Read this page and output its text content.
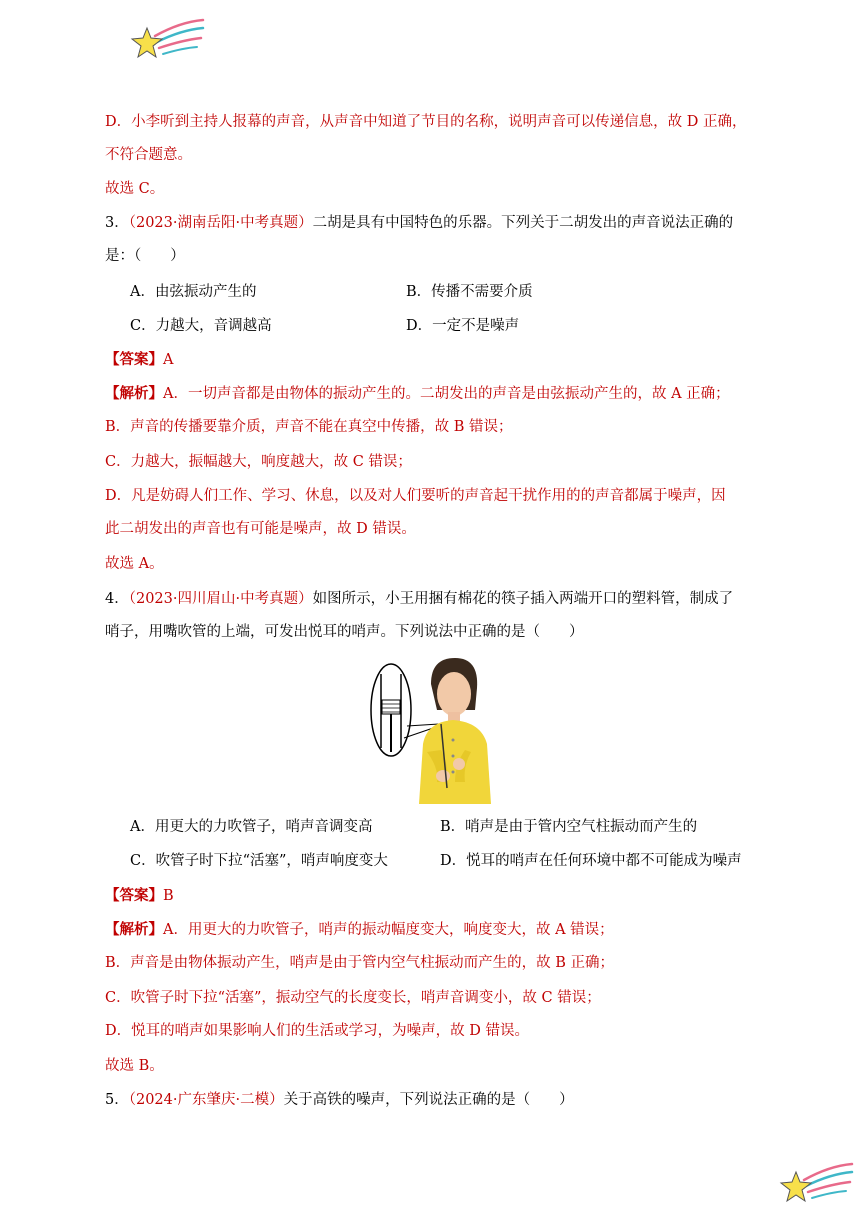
D．小李听到主持人报幕的声音，从声音中知道了节目的名称，说明声音可以传递信息，故 D 正确，
不符合题意。
故选 C。
3．（2023·湖南岳阳·中考真题）二胡是具有中国特色的乐器。下列关于二胡发出的声音说法正确的
是：（　　）
A．由弦振动产生的	B．传播不需要介质
C．力越大，音调越高	D．一定不是噪声
【答案】A
【解析】A．一切声音都是由物体的振动产生的。二胡发出的声音是由弦振动产生的，故 A 正确；
B．声音的传播要靠介质，声音不能在真空中传播，故 B 错误；
C．力越大，振幅越大，响度越大，故 C 错误；
D．凡是妨碍人们工作、学习、休息，以及对人们要听的声音起干扰作用的的声音都属于噪声，因
此二胡发出的声音也有可能是噪声，故 D 错误。
故选 A。
4．（2023·四川眉山·中考真题）如图所示，小王用捆有棉花的筷子插入两端开口的塑料管，制成了
哨子，用嘴吹管的上端，可发出悦耳的哨声。下列说法中正确的是（　　）
A．用更大的力吹管子，哨声音调变高	B．哨声是由于管内空气柱振动而产生的
C．吹管子时下拉“活塞”，哨声响度变大	D．悦耳的哨声在任何环境中都不可能成为噪声
【答案】B
【解析】A．用更大的力吹管子，哨声的振动幅度变大，响度变大，故 A 错误；
B．声音是由物体振动产生，哨声是由于管内空气柱振动而产生的，故 B 正确；
C．吹管子时下拉“活塞”，振动空气的长度变长，哨声音调变小，故 C 错误；
D．悦耳的哨声如果影响人们的生活或学习，为噪声，故 D 错误。
故选 B。
5．（2024·广东肇庆·二模）关于高铁的噪声，下列说法正确的是（　　）
